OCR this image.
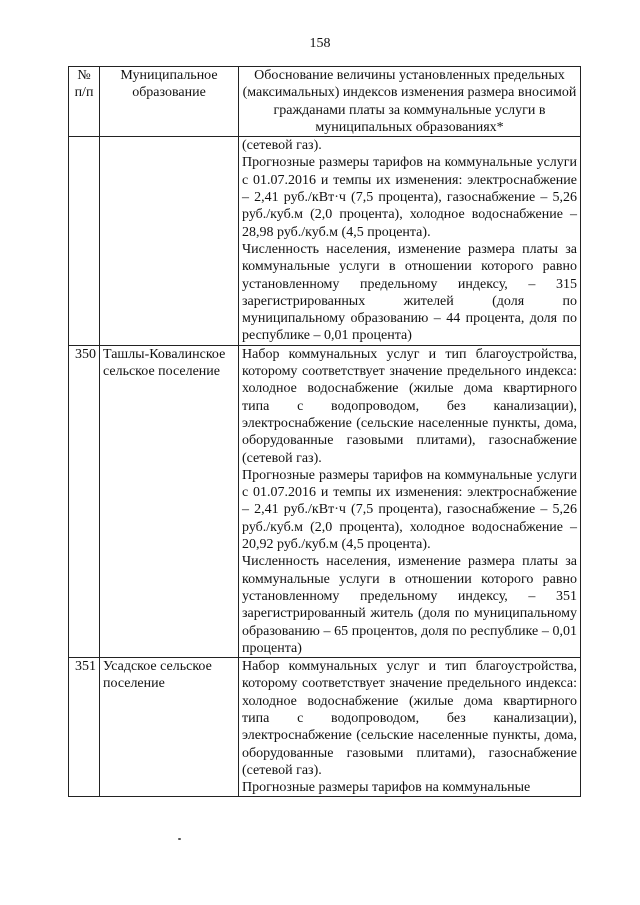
158
№ п/п	Муниципальное образование	Обоснование величины установленных предельных (максимальных) индексов изменения размера вносимой гражданами платы за коммунальные услуги в муниципальных образованиях*

		(сетевой газ).
Прогнозные размеры тарифов на коммунальные услуги с 01.07.2016 и темпы их изменения: электроснабжение – 2,41 руб./кВт·ч (7,5 процента), газоснабжение – 5,26 руб./куб.м (2,0 процента), холодное водоснабжение – 28,98 руб./куб.м (4,5 процента).
Численность населения, изменение размера платы за коммунальные услуги в отношении которого равно установленному предельному индексу, – 315 зарегистрированных жителей (доля по муниципальному образованию – 44 процента, доля по республике – 0,01 процента)

350	Ташлы-Ковалинское сельское поселение	Набор коммунальных услуг и тип благоустройства, которому соответствует значение предельного индекса: холодное водоснабжение (жилые дома квартирного типа с водопроводом, без канализации), электроснабжение (сельские населенные пункты, дома, оборудованные газовыми плитами), газоснабжение (сетевой газ).
Прогнозные размеры тарифов на коммунальные услуги с 01.07.2016 и темпы их изменения: электроснабжение – 2,41 руб./кВт·ч (7,5 процента), газоснабжение – 5,26 руб./куб.м (2,0 процента), холодное водоснабжение – 20,92 руб./куб.м (4,5 процента).
Численность населения, изменение размера платы за коммунальные услуги в отношении которого равно установленному предельному индексу, – 351 зарегистрированный житель (доля по муниципальному образованию – 65 процентов, доля по республике – 0,01 процента)

351	Усадское сельское поселение	Набор коммунальных услуг и тип благоустройства, которому соответствует значение предельного индекса: холодное водоснабжение (жилые дома квартирного типа с водопроводом, без канализации), электроснабжение (сельские населенные пункты, дома, оборудованные газовыми плитами), газоснабжение (сетевой газ).
Прогнозные размеры тарифов на коммунальные
